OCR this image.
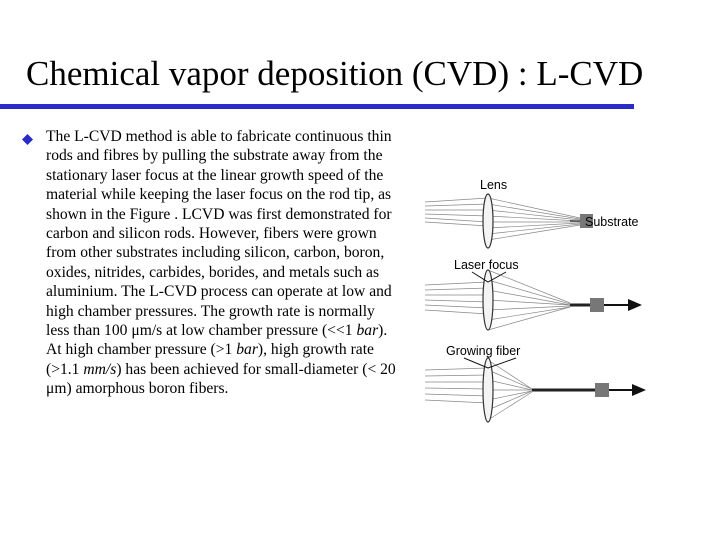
Chemical vapor deposition (CVD) : L-CVD
The L-CVD method is able to fabricate continuous thin rods and fibres by pulling the substrate away from the stationary laser focus at the linear growth speed of the material while keeping the laser focus on the rod tip, as shown in the Figure . LCVD was first demonstrated for carbon and silicon rods. However, fibers were grown from other substrates including silicon, carbon, boron, oxides, nitrides, carbides, borides, and metals such as aluminium. The L-CVD process can operate at low and high chamber pressures. The growth rate is normally less than 100 μm/s at low chamber pressure (<<1 bar). At high chamber pressure (>1 bar), high growth rate (>1.1 mm/s) has been achieved for small-diameter (< 20 μm) amorphous boron fibers.
Lens
Substrate
Laser focus
Growing fiber
